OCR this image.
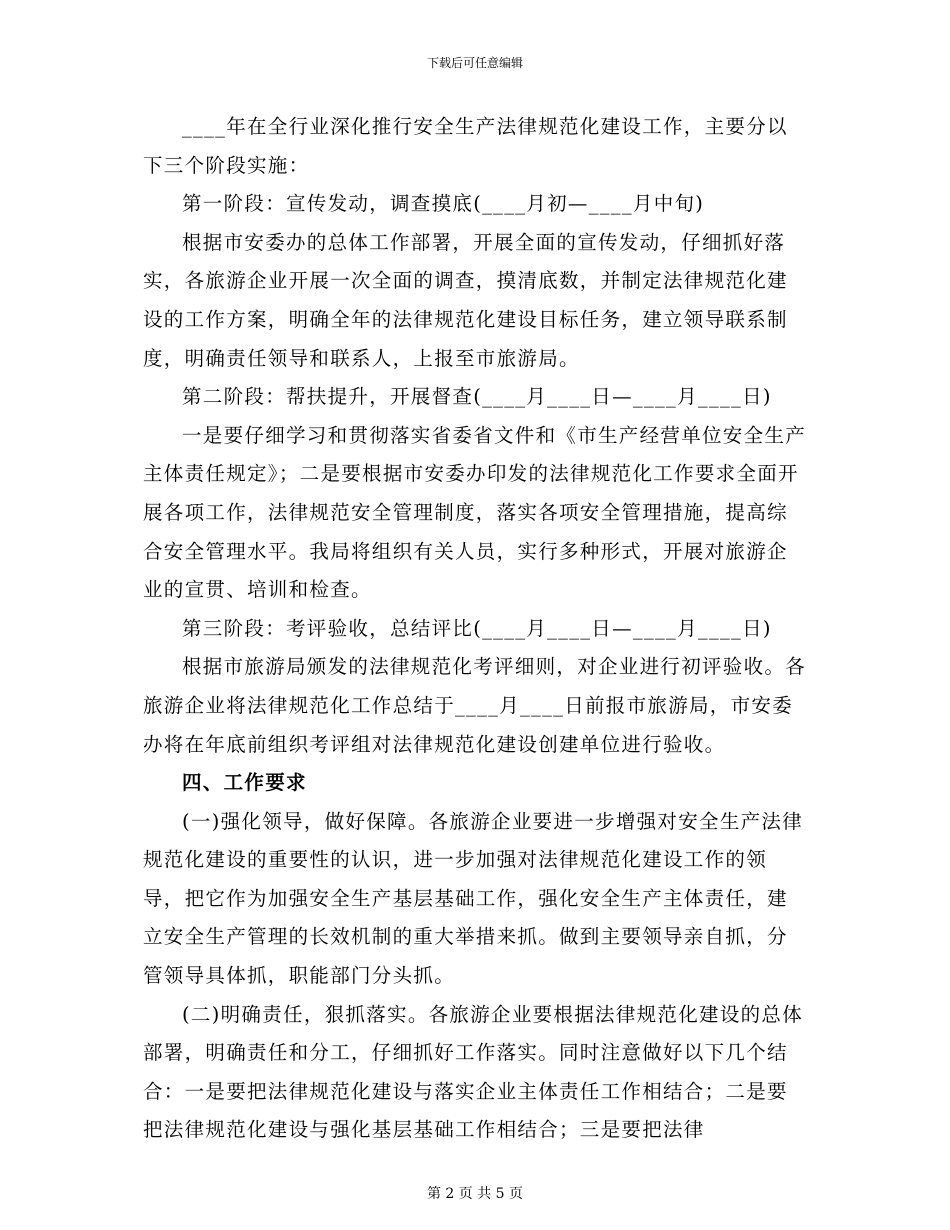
下载后可任意编辑

____年在全行业深化推行安全生产法律规范化建设工作，主要分以下三个阶段实施：

第一阶段：宣传发动，调查摸底(____月初—____月中旬)

根据市安委办的总体工作部署，开展全面的宣传发动，仔细抓好落实，各旅游企业开展一次全面的调查，摸清底数，并制定法律规范化建设的工作方案，明确全年的法律规范化建设目标任务，建立领导联系制度，明确责任领导和联系人，上报至市旅游局。

第二阶段：帮扶提升，开展督查(____月____日—____月____日)

一是要仔细学习和贯彻落实省委省文件和《市生产经营单位安全生产主体责任规定》；二是要根据市安委办印发的法律规范化工作要求全面开展各项工作，法律规范安全管理制度，落实各项安全管理措施，提高综合安全管理水平。我局将组织有关人员，实行多种形式，开展对旅游企业的宣贯、培训和检查。

第三阶段：考评验收，总结评比(____月____日—____月____日)

根据市旅游局颁发的法律规范化考评细则，对企业进行初评验收。各旅游企业将法律规范化工作总结于____月____日前报市旅游局，市安委办将在年底前组织考评组对法律规范化建设创建单位进行验收。

四、工作要求

(一)强化领导，做好保障。各旅游企业要进一步增强对安全生产法律规范化建设的重要性的认识，进一步加强对法律规范化建设工作的领导，把它作为加强安全生产基层基础工作，强化安全生产主体责任，建立安全生产管理的长效机制的重大举措来抓。做到主要领导亲自抓，分管领导具体抓，职能部门分头抓。

(二)明确责任，狠抓落实。各旅游企业要根据法律规范化建设的总体部署，明确责任和分工，仔细抓好工作落实。同时注意做好以下几个结合：一是要把法律规范化建设与落实企业主体责任工作相结合；二是要把法律规范化建设与强化基层基础工作相结合；三是要把法律

第 2 页 共 5 页
